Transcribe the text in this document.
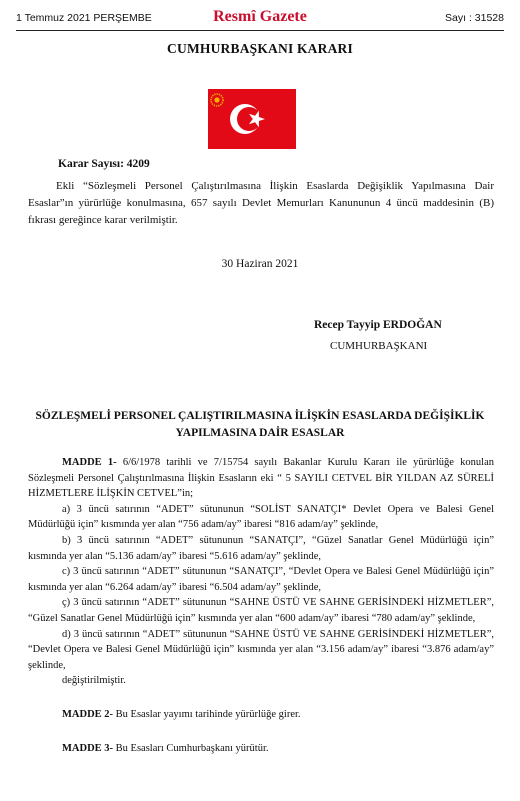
1 Temmuz 2021 PERŞEMBE	Resmî Gazete	Sayı : 31528
CUMHURBAŞKANI KARARI
Karar Sayısı: 4209

Ekli “Sözleşmeli Personel Çalıştırılmasına İlişkin Esaslarda Değişiklik Yapılmasına Dair Esaslar”ın yürürlüğe konulmasına, 657 sayılı Devlet Memurları Kanununun 4 üncü maddesinin (B) fıkrası gereğince karar verilmiştir.

30 Haziran 2021
Recep Tayyip ERDOĞAN
CUMHURBAŞKANI

SÖZLEŞMELİ PERSONEL ÇALIŞTIRILMASINA İLİŞKİN ESASLARDA DEĞİŞİKLİK YAPILMASINA DAİR ESASLAR

MADDE 1- 6/6/1978 tarihli ve 7/15754 sayılı Bakanlar Kurulu Kararı ile yürürlüğe konulan Sözleşmeli Personel Çalıştırılmasına İlişkin Esasların eki “ 5 SAYILI CETVEL BİR YILDAN AZ SÜRELİ HİZMETLERE İLİŞKİN CETVEL”in;

a) 3 üncü satırının “ADET” sütununun “SOLİST SANATÇI* Devlet Opera ve Balesi Genel Müdürlüğü için” kısmında yer alan “756 adam/ay” ibaresi “816 adam/ay” şeklinde,

b) 3 üncü satırının “ADET” sütununun “SANATÇI”, “Güzel Sanatlar Genel Müdürlüğü için” kısmında yer alan “5.136 adam/ay” ibaresi “5.616 adam/ay” şeklinde,

c) 3 üncü satırının “ADET” sütununun “SANATÇI”, “Devlet Opera ve Balesi Genel Müdürlüğü için” kısmında yer alan “6.264 adam/ay” ibaresi “6.504 adam/ay” şeklinde,

ç) 3 üncü satırının “ADET” sütununun “SAHNE ÜSTÜ VE SAHNE GERİSİNDEKİ HİZMETLER”, “Güzel Sanatlar Genel Müdürlüğü için” kısmında yer alan “600 adam/ay” ibaresi “780 adam/ay” şeklinde,

d) 3 üncü satırının “ADET” sütununun “SAHNE ÜSTÜ VE SAHNE GERİSİNDEKİ HİZMETLER”, “Devlet Opera ve Balesi Genel Müdürlüğü için” kısmında yer alan “3.156 adam/ay” ibaresi “3.876 adam/ay” şeklinde,

değiştirilmiştir.

MADDE 2- Bu Esaslar yayımı tarihinde yürürlüğe girer.

MADDE 3- Bu Esasları Cumhurbaşkanı yürütür.
